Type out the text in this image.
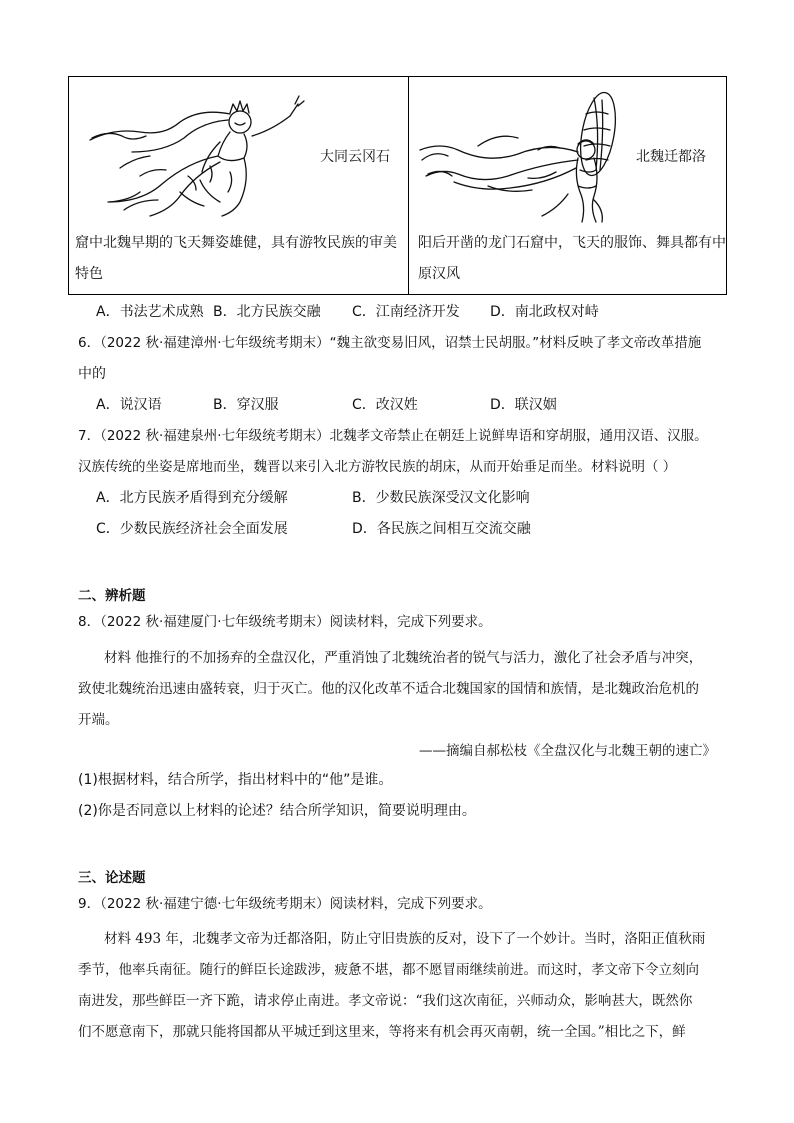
大同云冈石	北魏迁都洛
窟中北魏早期的飞天舞姿雄健，具有游牧民族的审美
特色
阳后开凿的龙门石窟中，飞天的服饰、舞具都有中
原汉风
A．书法艺术成熟 B．北方民族交融 C．江南经济开发 D．南北政权对峙
6．（2022 秋·福建漳州·七年级统考期末）“魏主欲变易旧风，诏禁士民胡服。”材料反映了孝文帝改革措施
中的
A．说汉语	B．穿汉服	C．改汉姓	D．联汉姻
7．（2022 秋·福建泉州·七年级统考期末）北魏孝文帝禁止在朝廷上说鲜卑语和穿胡服，通用汉语、汉服。
汉族传统的坐姿是席地而坐，魏晋以来引入北方游牧民族的胡床，从而开始垂足而坐。材料说明（ ）
A．北方民族矛盾得到充分缓解	B．少数民族深受汉文化影响
C．少数民族经济社会全面发展	D．各民族之间相互交流交融
二、辨析题
8．（2022 秋·福建厦门·七年级统考期末）阅读材料，完成下列要求。
材料 他推行的不加扬弃的全盘汉化，严重消蚀了北魏统治者的锐气与活力，激化了社会矛盾与冲突，
致使北魏统治迅速由盛转衰，归于灭亡。他的汉化改革不适合北魏国家的国情和族情，是北魏政治危机的
开端。
——摘编自郝松枝《全盘汉化与北魏王朝的速亡》
(1)根据材料，结合所学，指出材料中的“他”是谁。
(2)你是否同意以上材料的论述？结合所学知识，简要说明理由。
三、论述题
9．（2022 秋·福建宁德·七年级统考期末）阅读材料，完成下列要求。
材料 493 年，北魏孝文帝为迁都洛阳，防止守旧贵族的反对，设下了一个妙计。当时，洛阳正值秋雨
季节，他率兵南征。随行的鲜臣长途跋涉，疲惫不堪，都不愿冒雨继续前进。而这时，孝文帝下令立刻向
南进发，那些鲜臣一齐下跪，请求停止南进。孝文帝说：“我们这次南征，兴师动众，影响甚大，既然你
们不愿意南下，那就只能将国都从平城迁到这里来，等将来有机会再灭南朝，统一全国。”相比之下，鲜
